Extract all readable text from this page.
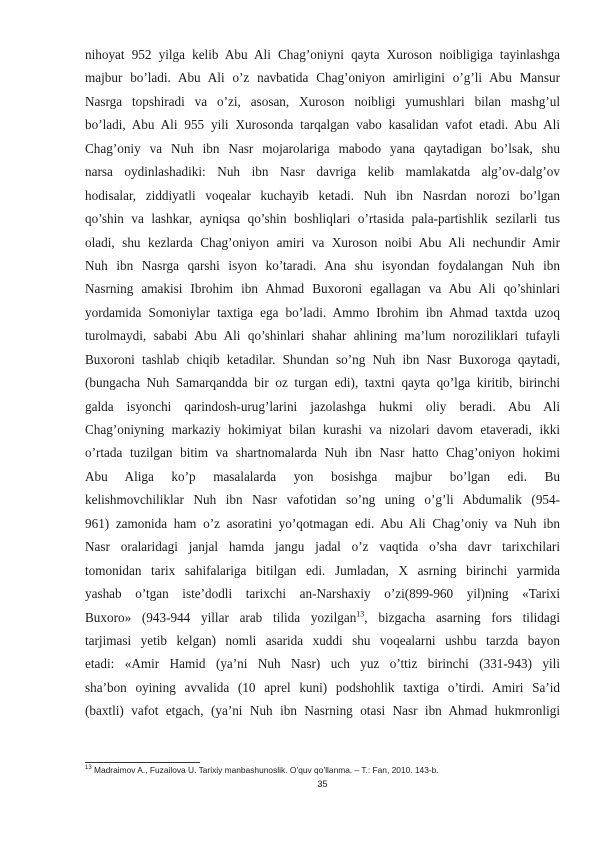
nihoyat 952 yilga kelib Abu Ali Chag’oniyni qayta Xuroson noibligiga tayinlashga
majbur bo’ladi. Abu Ali o’z navbatida Chag’oniyon amirligini o’g’li Abu Mansur
Nasrga topshiradi va o’zi, asosan, Xuroson noibligi yumushlari bilan mashg’ul
bo’ladi, Abu Ali 955 yili Xurosonda tarqalgan vabo kasalidan vafot etadi. Abu Ali
Chag’oniy va Nuh ibn Nasr mojarolariga mabodo yana qaytadigan bo’lsak, shu
narsa oydinlashadiki: Nuh ibn Nasr davriga kelib mamlakatda alg’ov-dalg’ov
hodisalar, ziddiyatli voqealar kuchayib ketadi. Nuh ibn Nasrdan norozi bo’lgan
qo’shin va lashkar, ayniqsa qo’shin boshliqlari o’rtasida pala-partishlik sezilarli tus
oladi, shu kezlarda Chag’oniyon amiri va Xuroson noibi Abu Ali nechundir Amir
Nuh ibn Nasrga qarshi isyon ko’taradi. Ana shu isyondan foydalangan Nuh ibn
Nasrning amakisi Ibrohim ibn Ahmad Buxoroni egallagan va Abu Ali qo’shinlari
yordamida Somoniylar taxtiga ega bo’ladi. Ammo Ibrohim ibn Ahmad taxtda uzoq
turolmaydi, sababi Abu Ali qo’shinlari shahar ahlining ma’lum noroziliklari tufayli
Buxoroni tashlab chiqib ketadilar. Shundan so’ng Nuh ibn Nasr Buxoroga qaytadi,
(bungacha Nuh Samarqandda bir oz turgan edi), taxtni qayta qo’lga kiritib, birinchi
galda isyonchi qarindosh-urug’larini jazolashga hukmi oliy beradi. Abu Ali
Chag’oniyning markaziy hokimiyat bilan kurashi va nizolari davom etaveradi, ikki
o’rtada tuzilgan bitim va shartnomalarda Nuh ibn Nasr hatto Chag’oniyon hokimi
Abu Aliga ko’p masalalarda yon bosishga majbur bo’lgan edi. Bu
kelishmovchiliklar Nuh ibn Nasr vafotidan so’ng uning o’g’li Abdumalik (954-
961) zamonida ham o’z asoratini yo’qotmagan edi. Abu Ali Chag’oniy va Nuh ibn
Nasr oralaridagi janjal hamda jangu jadal o’z vaqtida o’sha davr tarixchilari
tomonidan tarix sahifalariga bitilgan edi. Jumladan, X asrning birinchi yarmida
yashab o’tgan iste’dodli tarixchi an-Narshaxiy o’zi(899-960 yil)ning «Tarixi
Buxoro» (943-944 yillar arab tilida yozilgan$^{13}$, bizgacha asarning fors tilidagi
tarjimasi yetib kelgan) nomli asarida xuddi shu voqealarni ushbu tarzda bayon
etadi: «Amir Hamid (ya’ni Nuh Nasr) uch yuz o’ttiz birinchi (331-943) yili
sha’bon oyining avvalida (10 aprel kuni) podshohlik taxtiga o’tirdi. Amiri Sa’id
(baxtli) vafot etgach, (ya’ni Nuh ibn Nasrning otasi Nasr ibn Ahmad hukmronligi
$^{13}$ Madraimov A., Fuzailova U. Tarixiy manbashunoslik. O’quv qo’llanma. – T.: Fan, 2010. 143-b.
35
